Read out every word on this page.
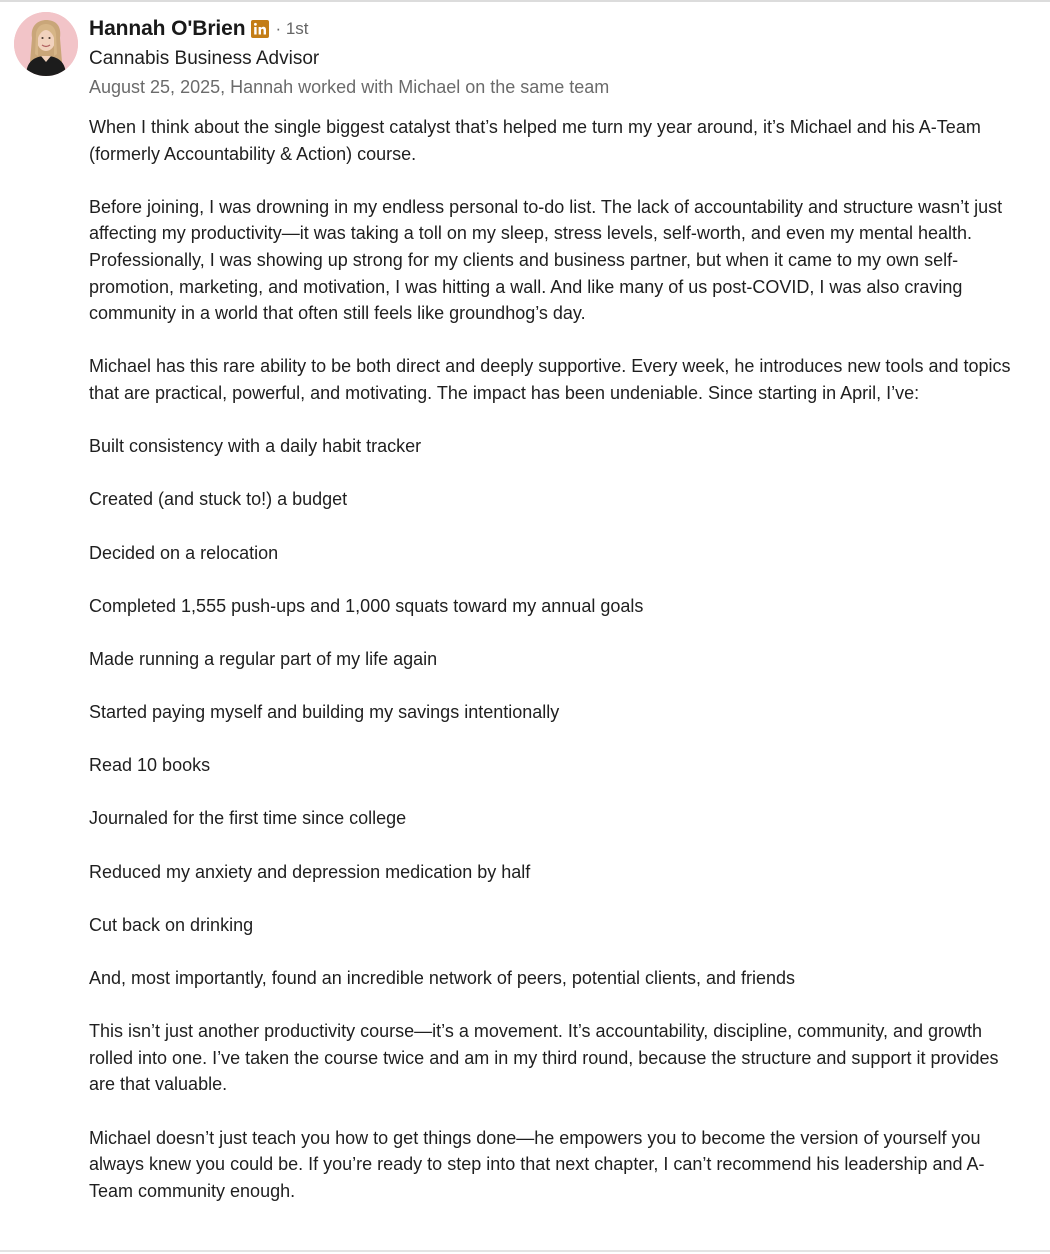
Hannah O'Brien · 1st
Cannabis Business Advisor
August 25, 2025, Hannah worked with Michael on the same team

When I think about the single biggest catalyst that’s helped me turn my year around, it’s Michael and his A-Team (formerly Accountability & Action) course.

Before joining, I was drowning in my endless personal to-do list. The lack of accountability and structure wasn’t just affecting my productivity—it was taking a toll on my sleep, stress levels, self-worth, and even my mental health. Professionally, I was showing up strong for my clients and business partner, but when it came to my own self-promotion, marketing, and motivation, I was hitting a wall. And like many of us post-COVID, I was also craving community in a world that often still feels like groundhog’s day.

Michael has this rare ability to be both direct and deeply supportive. Every week, he introduces new tools and topics that are practical, powerful, and motivating. The impact has been undeniable. Since starting in April, I’ve:

Built consistency with a daily habit tracker

Created (and stuck to!) a budget

Decided on a relocation

Completed 1,555 push-ups and 1,000 squats toward my annual goals

Made running a regular part of my life again

Started paying myself and building my savings intentionally

Read 10 books

Journaled for the first time since college

Reduced my anxiety and depression medication by half

Cut back on drinking

And, most importantly, found an incredible network of peers, potential clients, and friends

This isn’t just another productivity course—it’s a movement. It’s accountability, discipline, community, and growth rolled into one. I’ve taken the course twice and am in my third round, because the structure and support it provides are that valuable.

Michael doesn’t just teach you how to get things done—he empowers you to become the version of yourself you always knew you could be. If you’re ready to step into that next chapter, I can’t recommend his leadership and A-Team community enough.
